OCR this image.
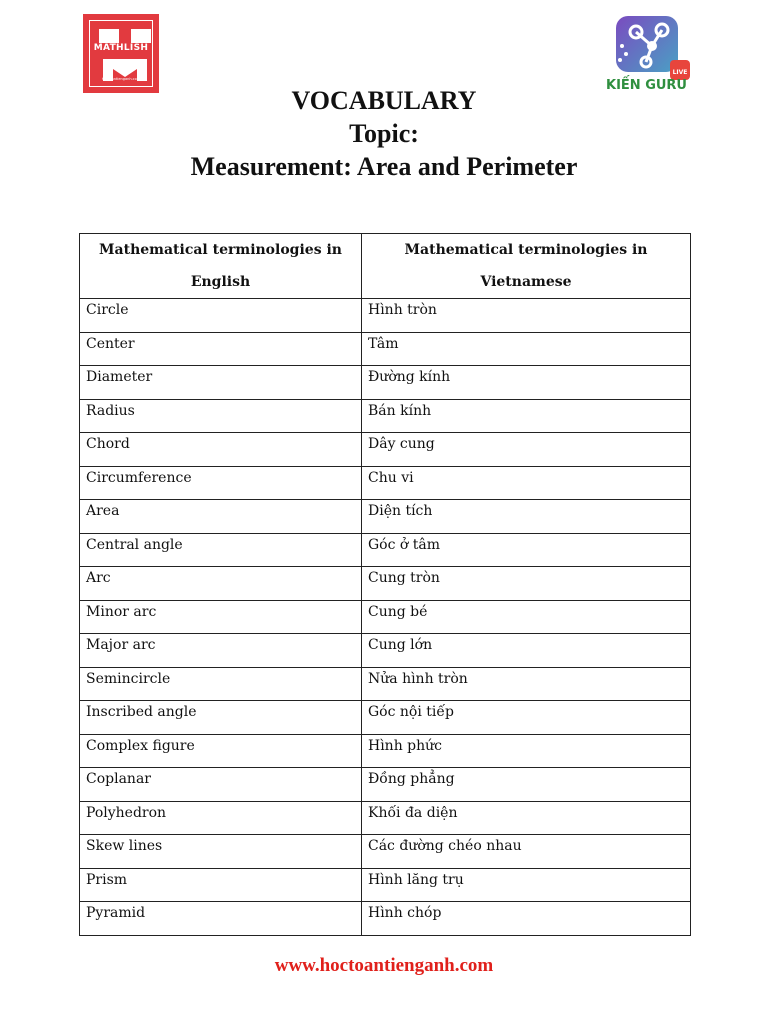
MATHLISH
hoctoantienganh.com
LIVE
KIẾN GURU
VOCABULARY
Topic:
Measurement: Area and Perimeter
Mathematical terminologies in English	Mathematical terminologies in Vietnamese
Circle	Hình tròn
Center	Tâm
Diameter	Đường kính
Radius	Bán kính
Chord	Dây cung
Circumference	Chu vi
Area	Diện tích
Central angle	Góc ở tâm
Arc	Cung tròn
Minor arc	Cung bé
Major arc	Cung lớn
Semincircle	Nửa hình tròn
Inscribed angle	Góc nội tiếp
Complex figure	Hình phức
Coplanar	Đồng phẳng
Polyhedron	Khối đa diện
Skew lines	Các đường chéo nhau
Prism	Hình lăng trụ
Pyramid	Hình chóp
www.hoctoantienganh.com
